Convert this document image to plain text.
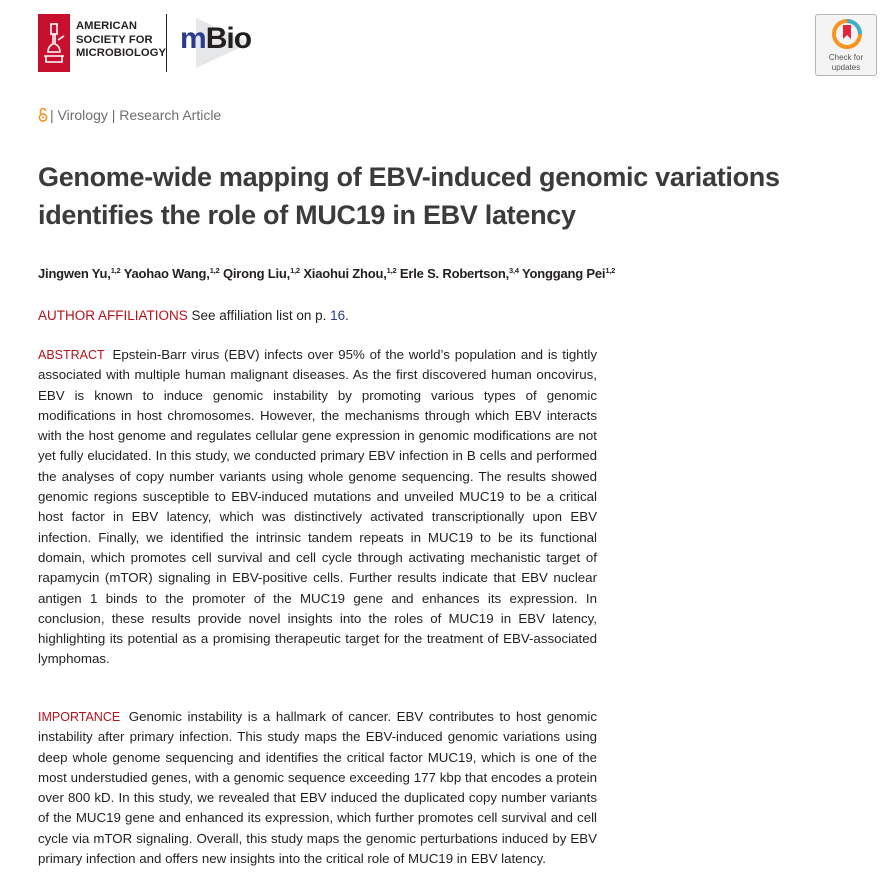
AMERICAN
SOCIETY FOR
MICROBIOLOGY mBio
Check for
updates
| Virology | Research Article
Genome-wide mapping of EBV-induced genomic variations identifies the role of MUC19 in EBV latency
Jingwen Yu,$^{1,2}$ Yaohao Wang,$^{1,2}$ Qirong Liu,$^{1,2}$ Xiaohui Zhou,$^{1,2}$ Erle S. Robertson,$^{3,4}$ Yonggang Pei$^{1,2}$
AUTHOR AFFILIATIONS See affiliation list on p. 16.

ABSTRACT Epstein-Barr virus (EBV) infects over 95% of the world’s population and is tightly associated with multiple human malignant diseases. As the first discovered human oncovirus, EBV is known to induce genomic instability by promoting various types of genomic modifications in host chromosomes. However, the mechanisms through which EBV interacts with the host genome and regulates cellular gene expression in genomic modifications are not yet fully elucidated. In this study, we conducted primary EBV infection in B cells and performed the analyses of copy number variants using whole genome sequencing. The results showed genomic regions susceptible to EBV-induced mutations and unveiled MUC19 to be a critical host factor in EBV latency, which was distinctively activated transcriptionally upon EBV infection. Finally, we identified the intrinsic tandem repeats in MUC19 to be its functional domain, which promotes cell survival and cell cycle through activating mechanistic target of rapamycin (mTOR) signaling in EBV-positive cells. Further results indicate that EBV nuclear antigen 1 binds to the promoter of the MUC19 gene and enhances its expression. In conclusion, these results provide novel insights into the roles of MUC19 in EBV latency, highlighting its potential as a promising therapeutic target for the treatment of EBV-associated lymphomas.

IMPORTANCE Genomic instability is a hallmark of cancer. EBV contributes to host genomic instability after primary infection. This study maps the EBV-induced genomic variations using deep whole genome sequencing and identifies the critical factor MUC19, which is one of the most understudied genes, with a genomic sequence exceeding 177 kbp that encodes a protein over 800 kD. In this study, we revealed that EBV induced the duplicated copy number variants of the MUC19 gene and enhanced its expression, which further promotes cell survival and cell cycle via mTOR signaling. Overall, this study maps the genomic perturbations induced by EBV primary infection and offers new insights into the critical role of MUC19 in EBV latency.
